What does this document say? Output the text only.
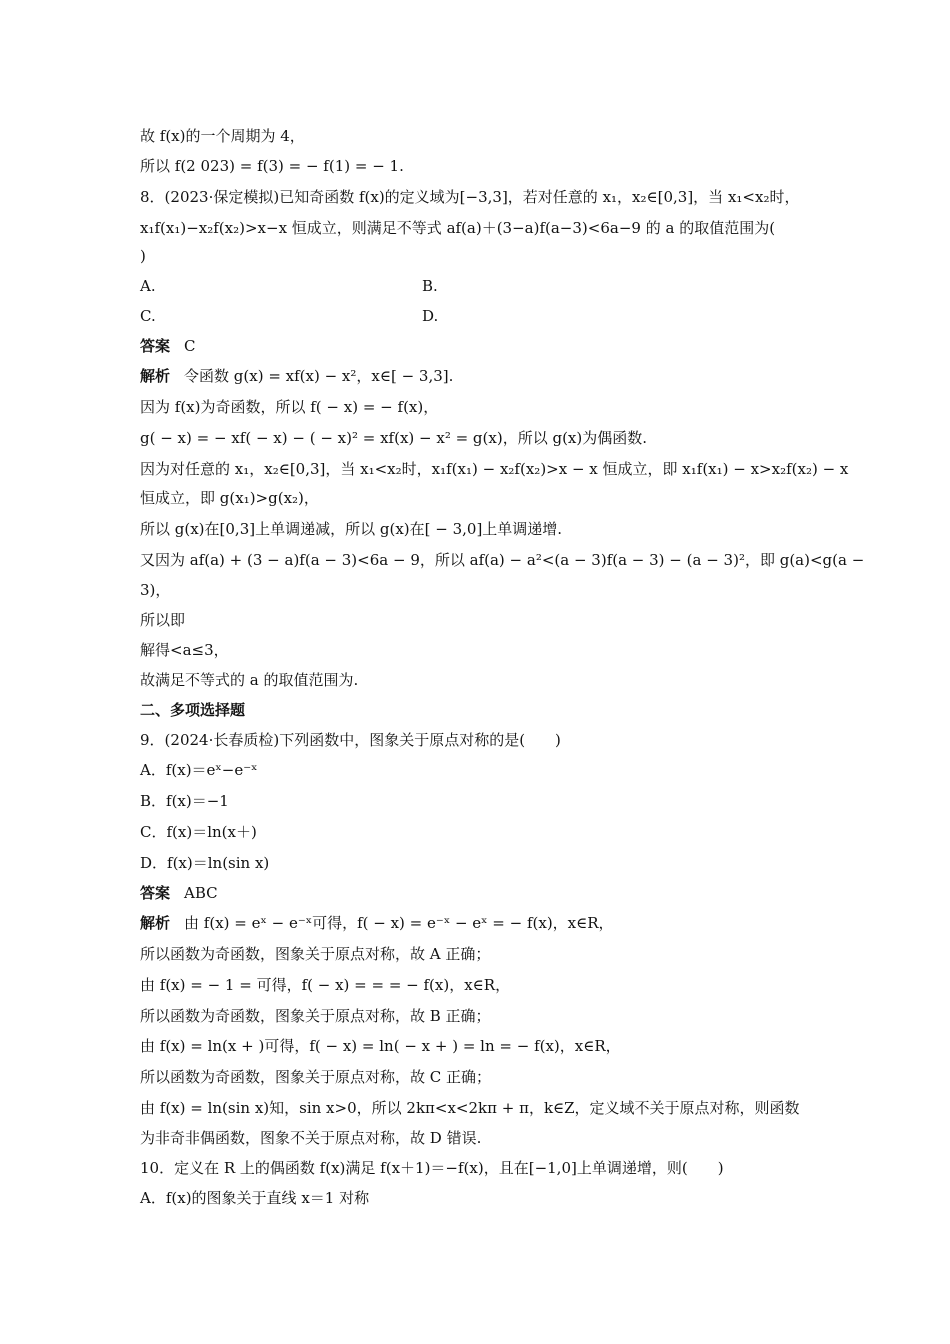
故 f(x)的一个周期为 4，
所以 f(2 023) = f(3) = − f(1) = − 1.
8．(2023·保定模拟)已知奇函数 f(x)的定义域为[−3,3]，若对任意的 x₁，x₂∈[0,3]，当 x₁<x₂时，
x₁f(x₁)−x₂f(x₂)>x−x 恒成立，则满足不等式 af(a)＋(3−a)f(a−3)<6a−9 的 a 的取值范围为(
)
A.	B.
C.	D.
答案 C
解析 令函数 g(x) = xf(x) − x²，x∈[ − 3,3].
因为 f(x)为奇函数，所以 f( − x) = − f(x)，
g( − x) = − xf( − x) − ( − x)² = xf(x) − x² = g(x)，所以 g(x)为偶函数.
因为对任意的 x₁，x₂∈[0,3]，当 x₁<x₂时，x₁f(x₁) − x₂f(x₂)>x − x 恒成立，即 x₁f(x₁) − x>x₂f(x₂) − x
恒成立，即 g(x₁)>g(x₂)，
所以 g(x)在[0,3]上单调递减，所以 g(x)在[ − 3,0]上单调递增.
又因为 af(a) + (3 − a)f(a − 3)<6a − 9，所以 af(a) − a²<(a − 3)f(a − 3) − (a − 3)²，即 g(a)<g(a −
3)，
所以即
解得<a≤3，
故满足不等式的 a 的取值范围为.
二、多项选择题
9．(2024·长春质检)下列函数中，图象关于原点对称的是(　　)
A．f(x)＝eˣ−e⁻ˣ
B．f(x)＝−1
C．f(x)＝ln(x＋)
D．f(x)＝ln(sin x)
答案 ABC
解析 由 f(x) = eˣ − e⁻ˣ可得，f( − x) = e⁻ˣ − eˣ = − f(x)，x∈R，
所以函数为奇函数，图象关于原点对称，故 A 正确；
由 f(x) = − 1 = 可得，f( − x) = = = − f(x)，x∈R，
所以函数为奇函数，图象关于原点对称，故 B 正确；
由 f(x) = ln(x + )可得，f( − x) = ln( − x + ) = ln = − f(x)，x∈R，
所以函数为奇函数，图象关于原点对称，故 C 正确；
由 f(x) = ln(sin x)知，sin x>0，所以 2kπ<x<2kπ + π，k∈Z，定义域不关于原点对称，则函数
为非奇非偶函数，图象不关于原点对称，故 D 错误.
10．定义在 R 上的偶函数 f(x)满足 f(x＋1)＝−f(x)，且在[−1,0]上单调递增，则(　　)
A．f(x)的图象关于直线 x＝1 对称
